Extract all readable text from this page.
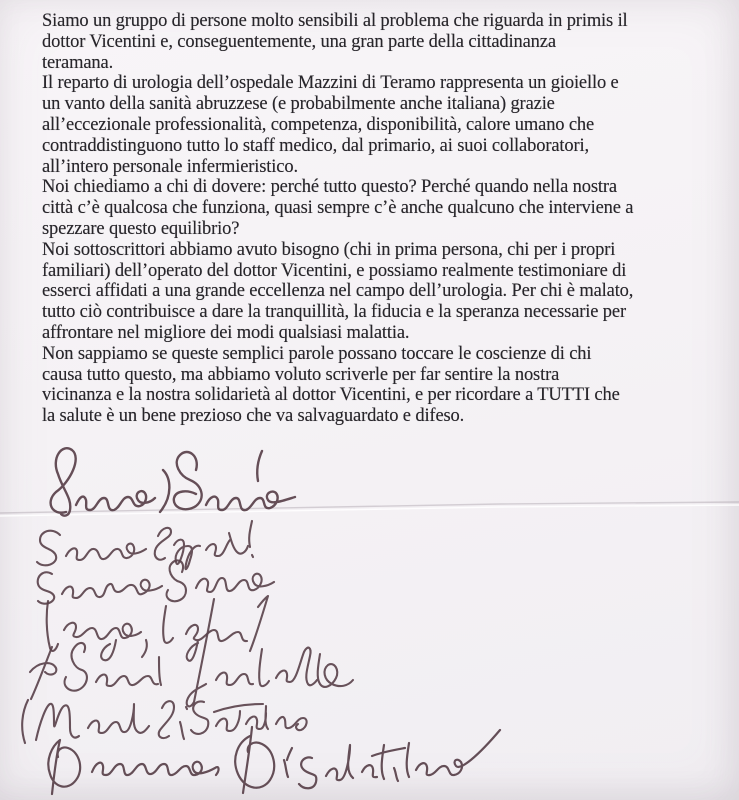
Siamo un gruppo di persone molto sensibili al problema che riguarda in primis il
dottor Vicentini e, conseguentemente, una gran parte della cittadinanza
teramana.
Il reparto di urologia dell’ospedale Mazzini di Teramo rappresenta un gioiello e
un vanto della sanità abruzzese (e probabilmente anche italiana) grazie
all’eccezionale professionalità, competenza, disponibilità, calore umano che
contraddistinguono tutto lo staff medico, dal primario, ai suoi collaboratori,
all’intero personale infermieristico.
Noi chiediamo a chi di dovere: perché tutto questo? Perché quando nella nostra
città c’è qualcosa che funziona, quasi sempre c’è anche qualcuno che interviene a
spezzare questo equilibrio?
Noi sottoscrittori abbiamo avuto bisogno (chi in prima persona, chi per i propri
familiari) dell’operato del dottor Vicentini, e possiamo realmente testimoniare di
esserci affidati a una grande eccellenza nel campo dell’urologia. Per chi è malato,
tutto ciò contribuisce a dare la tranquillità, la fiducia e la speranza necessarie per
affrontare nel migliore dei modi qualsiasi malattia.
Non sappiamo se queste semplici parole possano toccare le coscienze di chi
causa tutto questo, ma abbiamo voluto scriverle per far sentire la nostra
vicinanza e la nostra solidarietà al dottor Vicentini, e per ricordare a TUTTI che
la salute è un bene prezioso che va salvaguardato e difeso.
